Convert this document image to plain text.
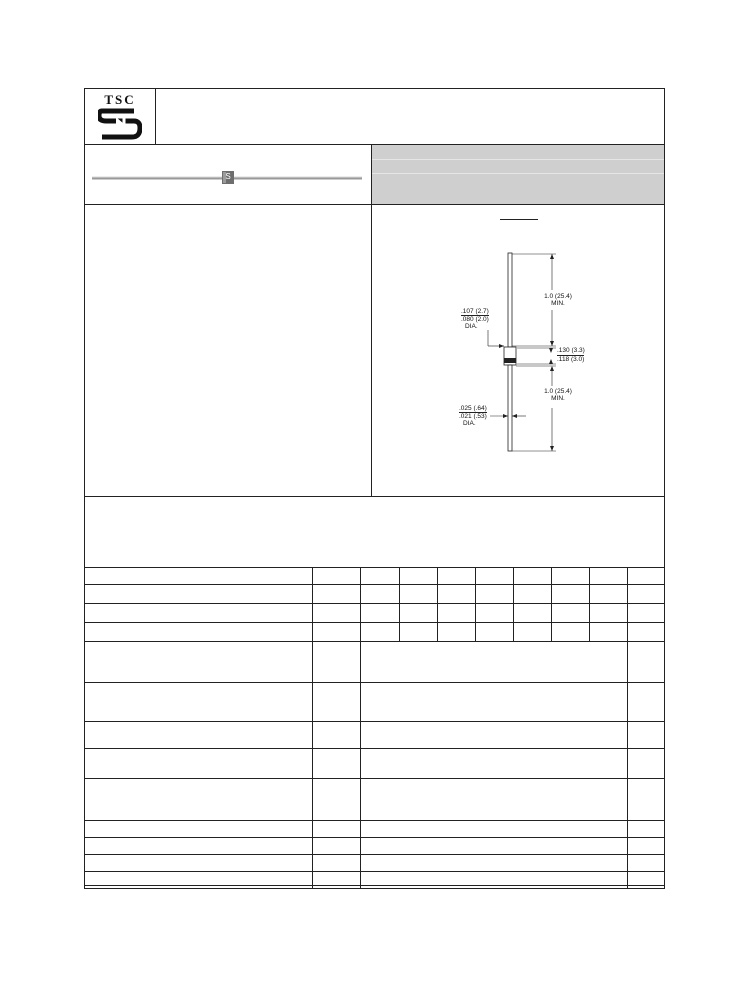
TSC
S
1.0 (25.4)
MIN.
.107 (2.7)
.080 (2.0)
DIA.
.130 (3.3)
.118 (3.0)
1.0 (25.4)
MIN.
.025 (.64)
.021 (.53)
DIA.
